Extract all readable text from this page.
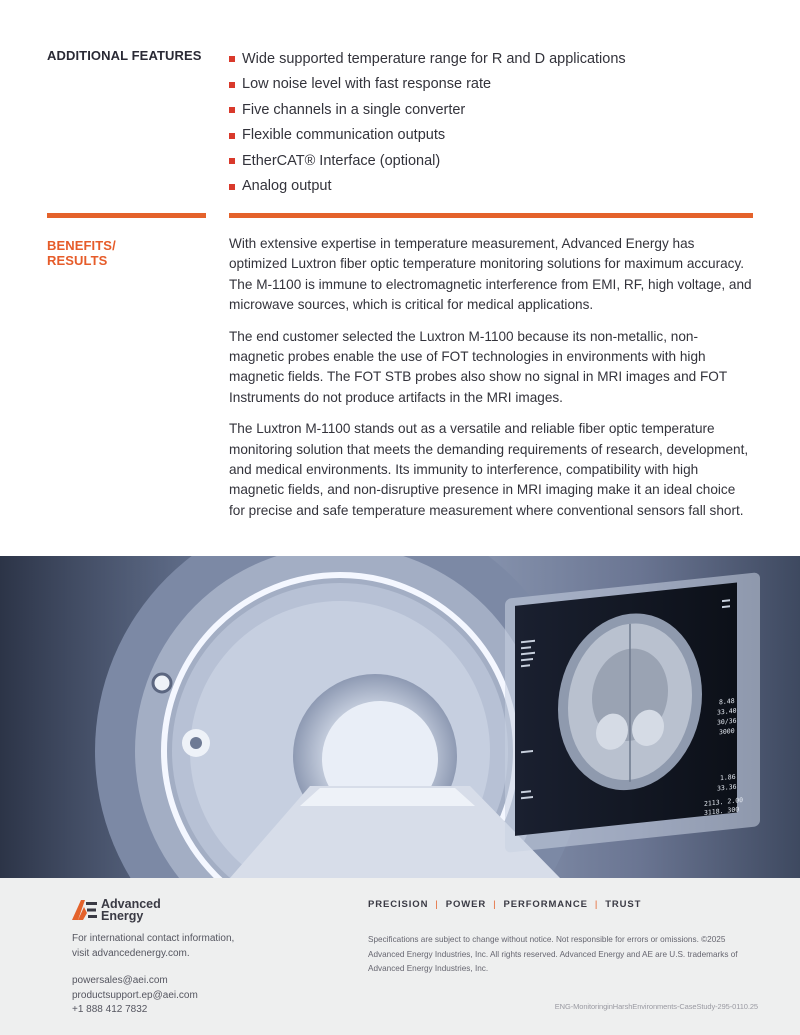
ADDITIONAL FEATURES	Wide supported temperature range for R and D applications
Low noise level with fast response rate
Five channels in a single converter
Flexible communication outputs
EtherCAT® Interface (optional)
Analog output
BENEFITS/
RESULTS

With extensive expertise in temperature measurement, Advanced Energy has optimized Luxtron fiber optic temperature monitoring solutions for maximum accuracy. The M-1100 is immune to electromagnetic interference from EMI, RF, high voltage, and microwave sources, which is critical for medical applications.

The end customer selected the Luxtron M-1100 because its non-metallic, non-magnetic probes enable the use of FOT technologies in environments with high magnetic fields. The FOT STB probes also show no signal in MRI images and FOT Instruments do not produce artifacts in the MRI images.

The Luxtron M-1100 stands out as a versatile and reliable fiber optic temperature monitoring solution that meets the demanding requirements of research, development, and medical environments. Its immunity to interference, compatibility with high magnetic fields, and non-disruptive presence in MRI imaging make it an ideal choice for precise and safe temperature measurement where conventional sensors fall short.

8.48
33.40
30/36
3000
1.86
33.36
2113. 2.00
3118. 300
Advanced
Energy
PRECISION | POWER | PERFORMANCE | TRUST
For international contact information,
visit advancedenergy.com.
powersales@aei.com
productsupport.ep@aei.com
+1 888 412 7832
Specifications are subject to change without notice. Not responsible for errors or omissions. ©2025 Advanced Energy Industries, Inc. All rights reserved. Advanced Energy and AE are U.S. trademarks of Advanced Energy Industries, Inc.
ENG-MonitoringinHarshEnvironments-CaseStudy-295-0110.25
